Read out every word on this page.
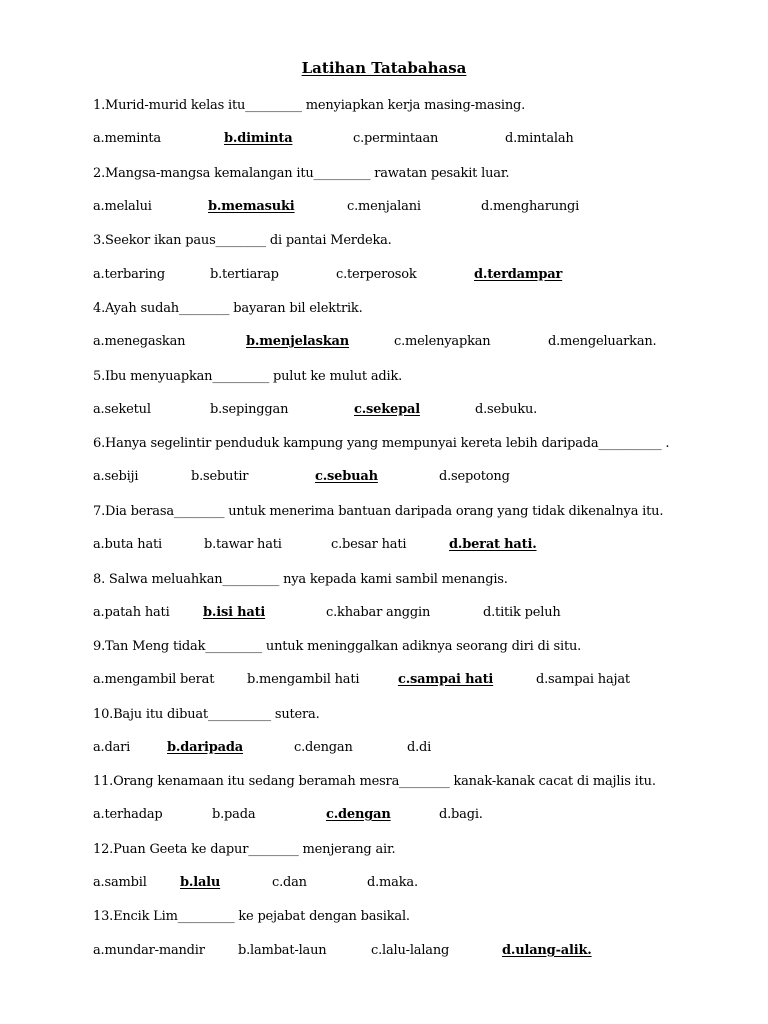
Latihan Tatabahasa
1.Murid-murid kelas itu_________ menyiapkan kerja masing-masing.
a.meminta	b.diminta	c.permintaan	d.mintalah
2.Mangsa-mangsa kemalangan itu_________ rawatan pesakit luar.
a.melalui	b.memasuki	c.menjalani	d.mengharungi
3.Seekor ikan paus________ di pantai Merdeka.
a.terbaring	b.tertiarap	c.terperosok	d.terdampar
4.Ayah sudah________ bayaran bil elektrik.
a.menegaskan	b.menjelaskan	c.melenyapkan	d.mengeluarkan.
5.Ibu menyuapkan_________ pulut ke mulut adik.
a.seketul	b.sepinggan	c.sekepal	d.sebuku.
6.Hanya segelintir penduduk kampung yang mempunyai kereta lebih daripada__________ .
a.sebiji	b.sebutir	c.sebuah	d.sepotong
7.Dia berasa________ untuk menerima bantuan daripada orang yang tidak dikenalnya itu.
a.buta hati	b.tawar hati	c.besar hati	d.berat hati.
8. Salwa meluahkan_________ nya kepada kami sambil menangis.
a.patah hati	b.isi hati	c.khabar anggin	d.titik peluh
9.Tan Meng tidak_________ untuk meninggalkan adiknya seorang diri di situ.
a.mengambil berat	b.mengambil hati	c.sampai hati	d.sampai hajat
10.Baju itu dibuat__________ sutera.
a.dari	b.daripada	c.dengan	d.di
11.Orang kenamaan itu sedang beramah mesra________ kanak-kanak cacat di majlis itu.
a.terhadap	b.pada	c.dengan	d.bagi.
12.Puan Geeta ke dapur________ menjerang air.
a.sambil	b.lalu	c.dan	d.maka.
13.Encik Lim_________ ke pejabat dengan basikal.
a.mundar-mandir	b.lambat-laun	c.lalu-lalang	d.ulang-alik.
